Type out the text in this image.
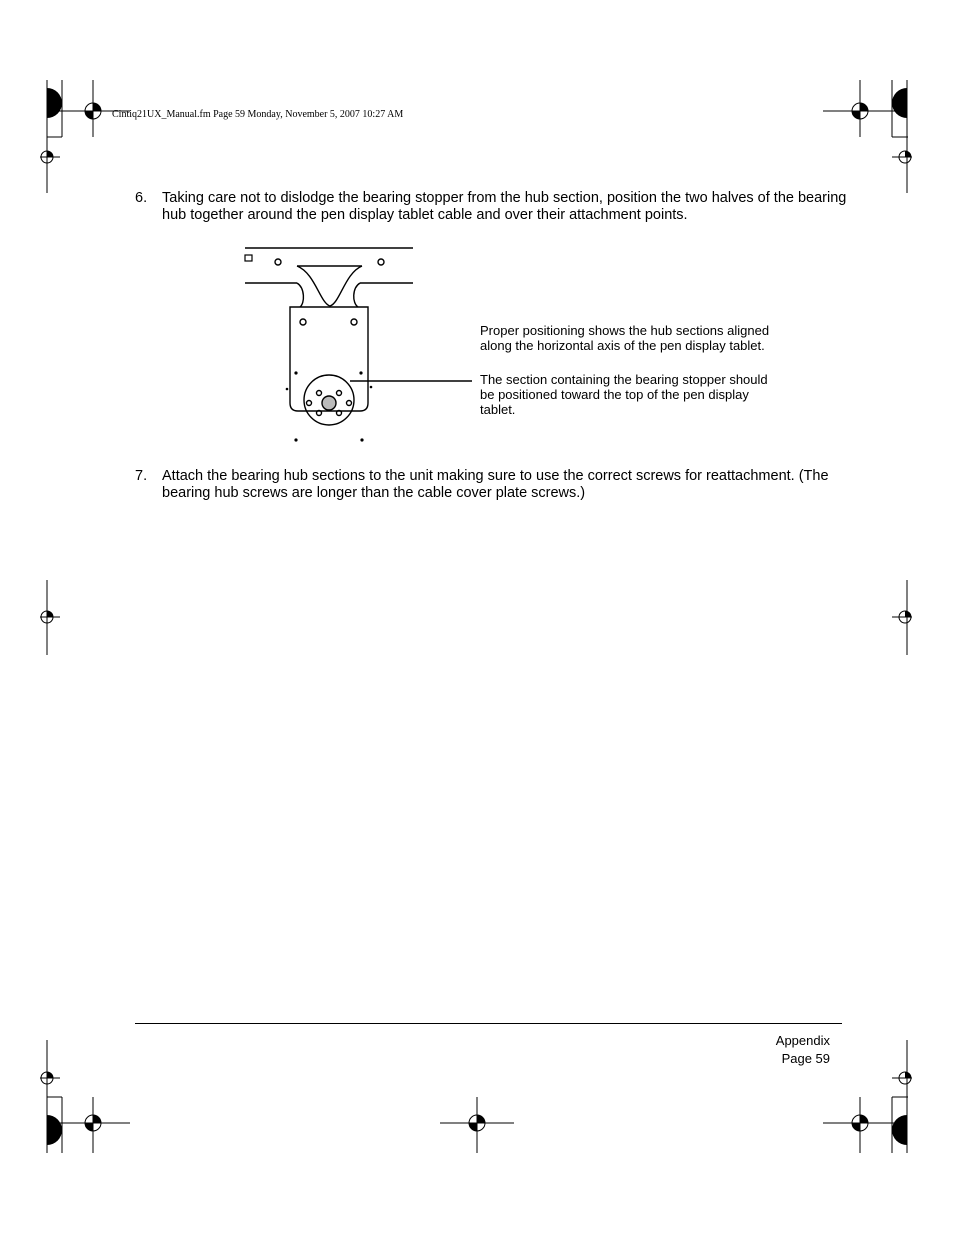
Cintiq21UX_Manual.fm Page 59 Monday, November 5, 2007 10:27 AM
6. Taking care not to dislodge the bearing stopper from the hub section, position the two halves of the bearing hub together around the pen display tablet cable and over their attachment points.
Proper positioning shows the hub sections aligned along the horizontal axis of the pen display tablet.
The section containing the bearing stopper should be positioned toward the top of the pen display tablet.
7. Attach the bearing hub sections to the unit making sure to use the correct screws for reattachment. (The bearing hub screws are longer than the cable cover plate screws.)
Appendix
Page 59
